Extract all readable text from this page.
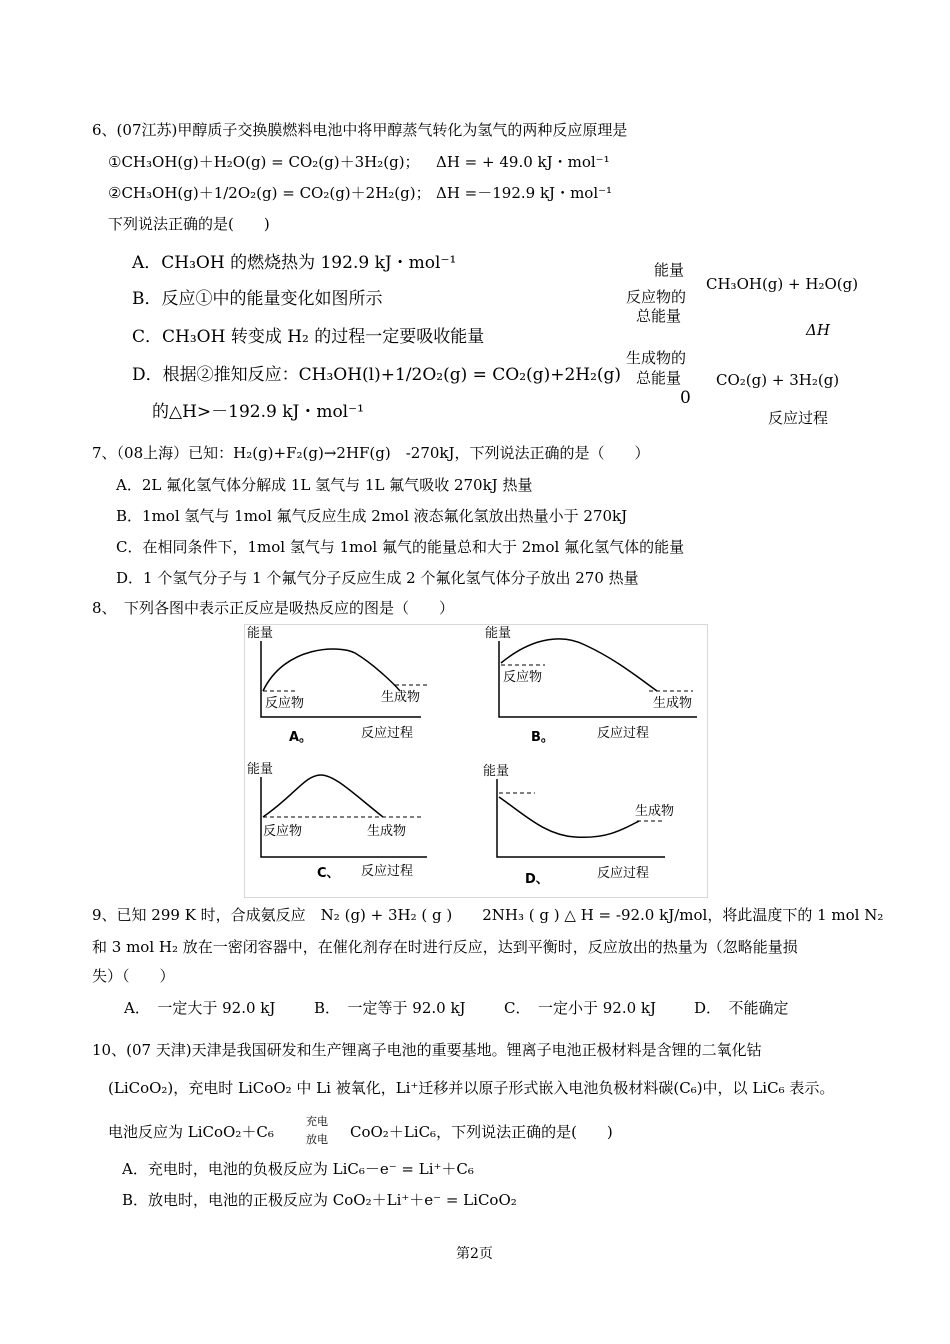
6、(07江苏)甲醇质子交换膜燃料电池中将甲醇蒸气转化为氢气的两种反应原理是
①CH₃OH(g)＋H₂O(g) = CO₂(g)＋3H₂(g)； ΔH = + 49.0 kJ・mol⁻¹
②CH₃OH(g)＋1/2O₂(g) = CO₂(g)＋2H₂(g)； ΔH =－192.9 kJ・mol⁻¹
下列说法正确的是(　　)
A．CH₃OH 的燃烧热为 192.9 kJ・mol⁻¹
B．反应①中的能量变化如图所示
C．CH₃OH 转变成 H₂ 的过程一定要吸收能量
D．根据②推知反应：CH₃OH(l)+1/2O₂(g) = CO₂(g)+2H₂(g)
的△H>－192.9 kJ・mol⁻¹
能量
反应物的
总能量
CH₃OH(g) + H₂O(g)
ΔH
生成物的
总能量
0
CO₂(g) + 3H₂(g)
反应过程
7、（08上海）已知：H₂(g)+F₂(g)→2HF(g)　-270kJ，下列说法正确的是（　　）
A．2L 氟化氢气体分解成 1L 氢气与 1L 氟气吸收 270kJ 热量
B．1mol 氢气与 1mol 氟气反应生成 2mol 液态氟化氢放出热量小于 270kJ
C．在相同条件下，1mol 氢气与 1mol 氟气的能量总和大于 2mol 氟化氢气体的能量
D．1 个氢气分子与 1 个氟气分子反应生成 2 个氟化氢气体分子放出 270 热量
8、　下列各图中表示正反应是吸热反应的图是（　　）
能量
反应物	生成物
A。	反应过程
能量
反应物
生成物
B。	反应过程
能量
反应物	生成物
C、 反应过程
能量
生成物
D、	反应过程
9、已知 299 K 时，合成氨反应　N₂ (g) + 3H₂ ( g )　　2NH₃ ( g ) △ H = -92.0 kJ/mol，将此温度下的 1 mol N₂
和 3 mol H₂ 放在一密闭容器中，在催化剂存在时进行反应，达到平衡时，反应放出的热量为（忽略能量损
失）（　　）
A．　一定大于 92.0 kJ	B．　一定等于 92.0 kJ	C．　一定小于 92.0 kJ	D．　不能确定
10、(07 天津)天津是我国研发和生产锂离子电池的重要基地。锂离子电池正极材料是含锂的二氧化钴
(LiCoO₂)，充电时 LiCoO₂ 中 Li 被氧化，Li⁺迁移并以原子形式嵌入电池负极材料碳(C₆)中，以 LiC₆ 表示。
电池反应为 LiCoO₂＋C₆
充电
放电 CoO₂＋LiC₆，下列说法正确的是(　　)
A．充电时，电池的负极反应为 LiC₆－e⁻ = Li⁺＋C₆
B．放电时，电池的正极反应为 CoO₂＋Li⁺＋e⁻ = LiCoO₂
第2页
